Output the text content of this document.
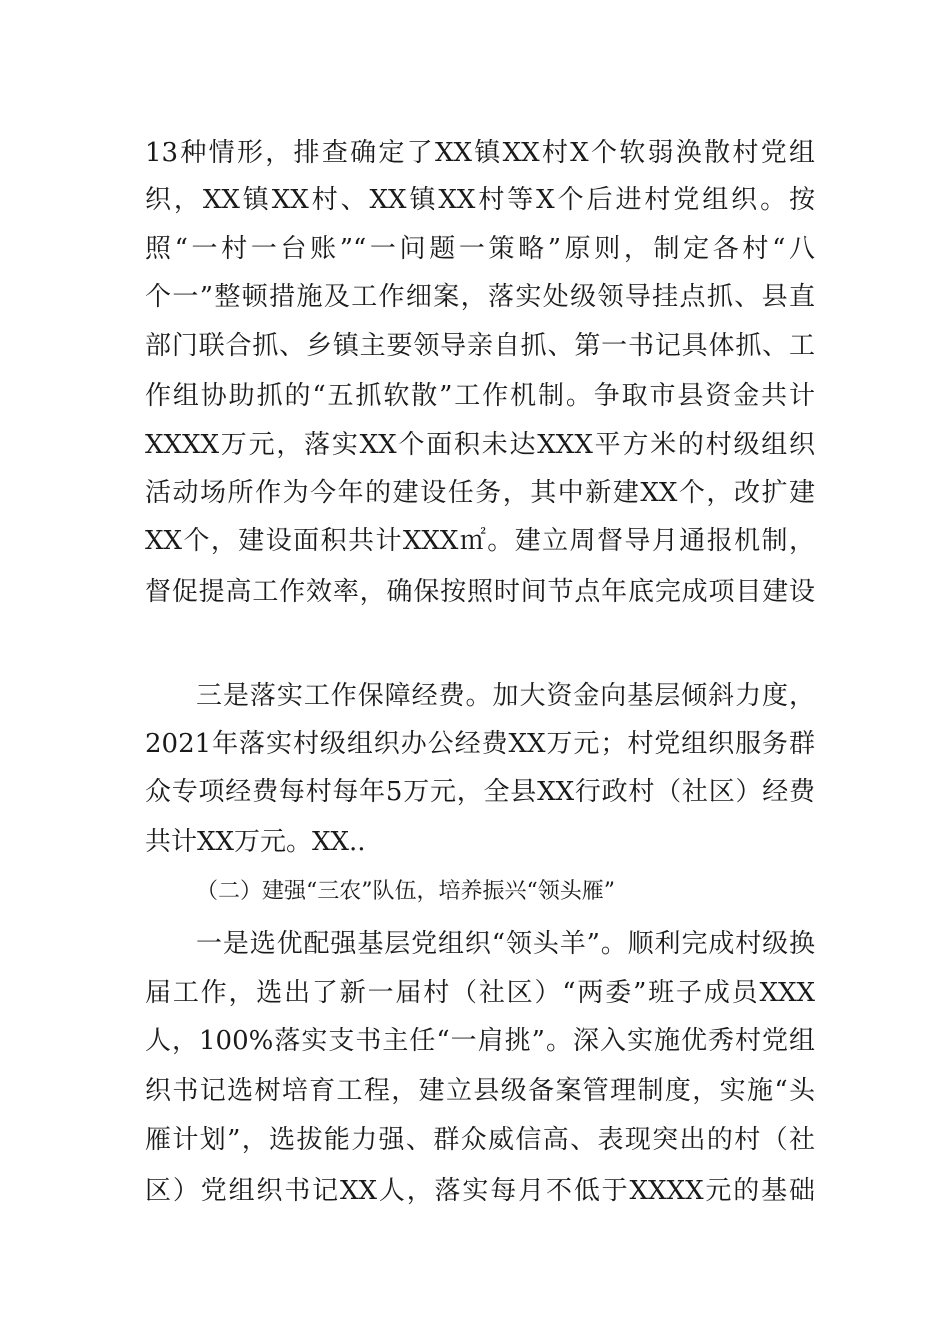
13种情形，排查确定了XX镇XX村X个软弱涣散村党组
织，XX镇XX村、XX镇XX村等X个后进村党组织。按
照“一村一台账”“一问题一策略”原则，制定各村“八
个一”整顿措施及工作细案，落实处级领导挂点抓、县直
部门联合抓、乡镇主要领导亲自抓、第一书记具体抓、工
作组协助抓的“五抓软散”工作机制。争取市县资金共计
XXXX万元，落实XX个面积未达XXX平方米的村级组织
活动场所作为今年的建设任务，其中新建XX个，改扩建
XX个，建设面积共计XXX㎡。建立周督导月通报机制，
督促提高工作效率，确保按照时间节点年底完成项目建设
三是落实工作保障经费。加大资金向基层倾斜力度，
2021年落实村级组织办公经费XX万元；村党组织服务群
众专项经费每村每年5万元，全县XX行政村（社区）经费
共计XX万元。XX..
（二）建强“三农”队伍，培养振兴“领头雁”
一是选优配强基层党组织“领头羊”。顺利完成村级换
届工作，选出了新一届村（社区）“两委”班子成员XXX
人，100%落实支书主任“一肩挑”。深入实施优秀村党组
织书记选树培育工程，建立县级备案管理制度，实施“头
雁计划”，选拔能力强、群众威信高、表现突出的村（社
区）党组织书记XX人，落实每月不低于XXXX元的基础
